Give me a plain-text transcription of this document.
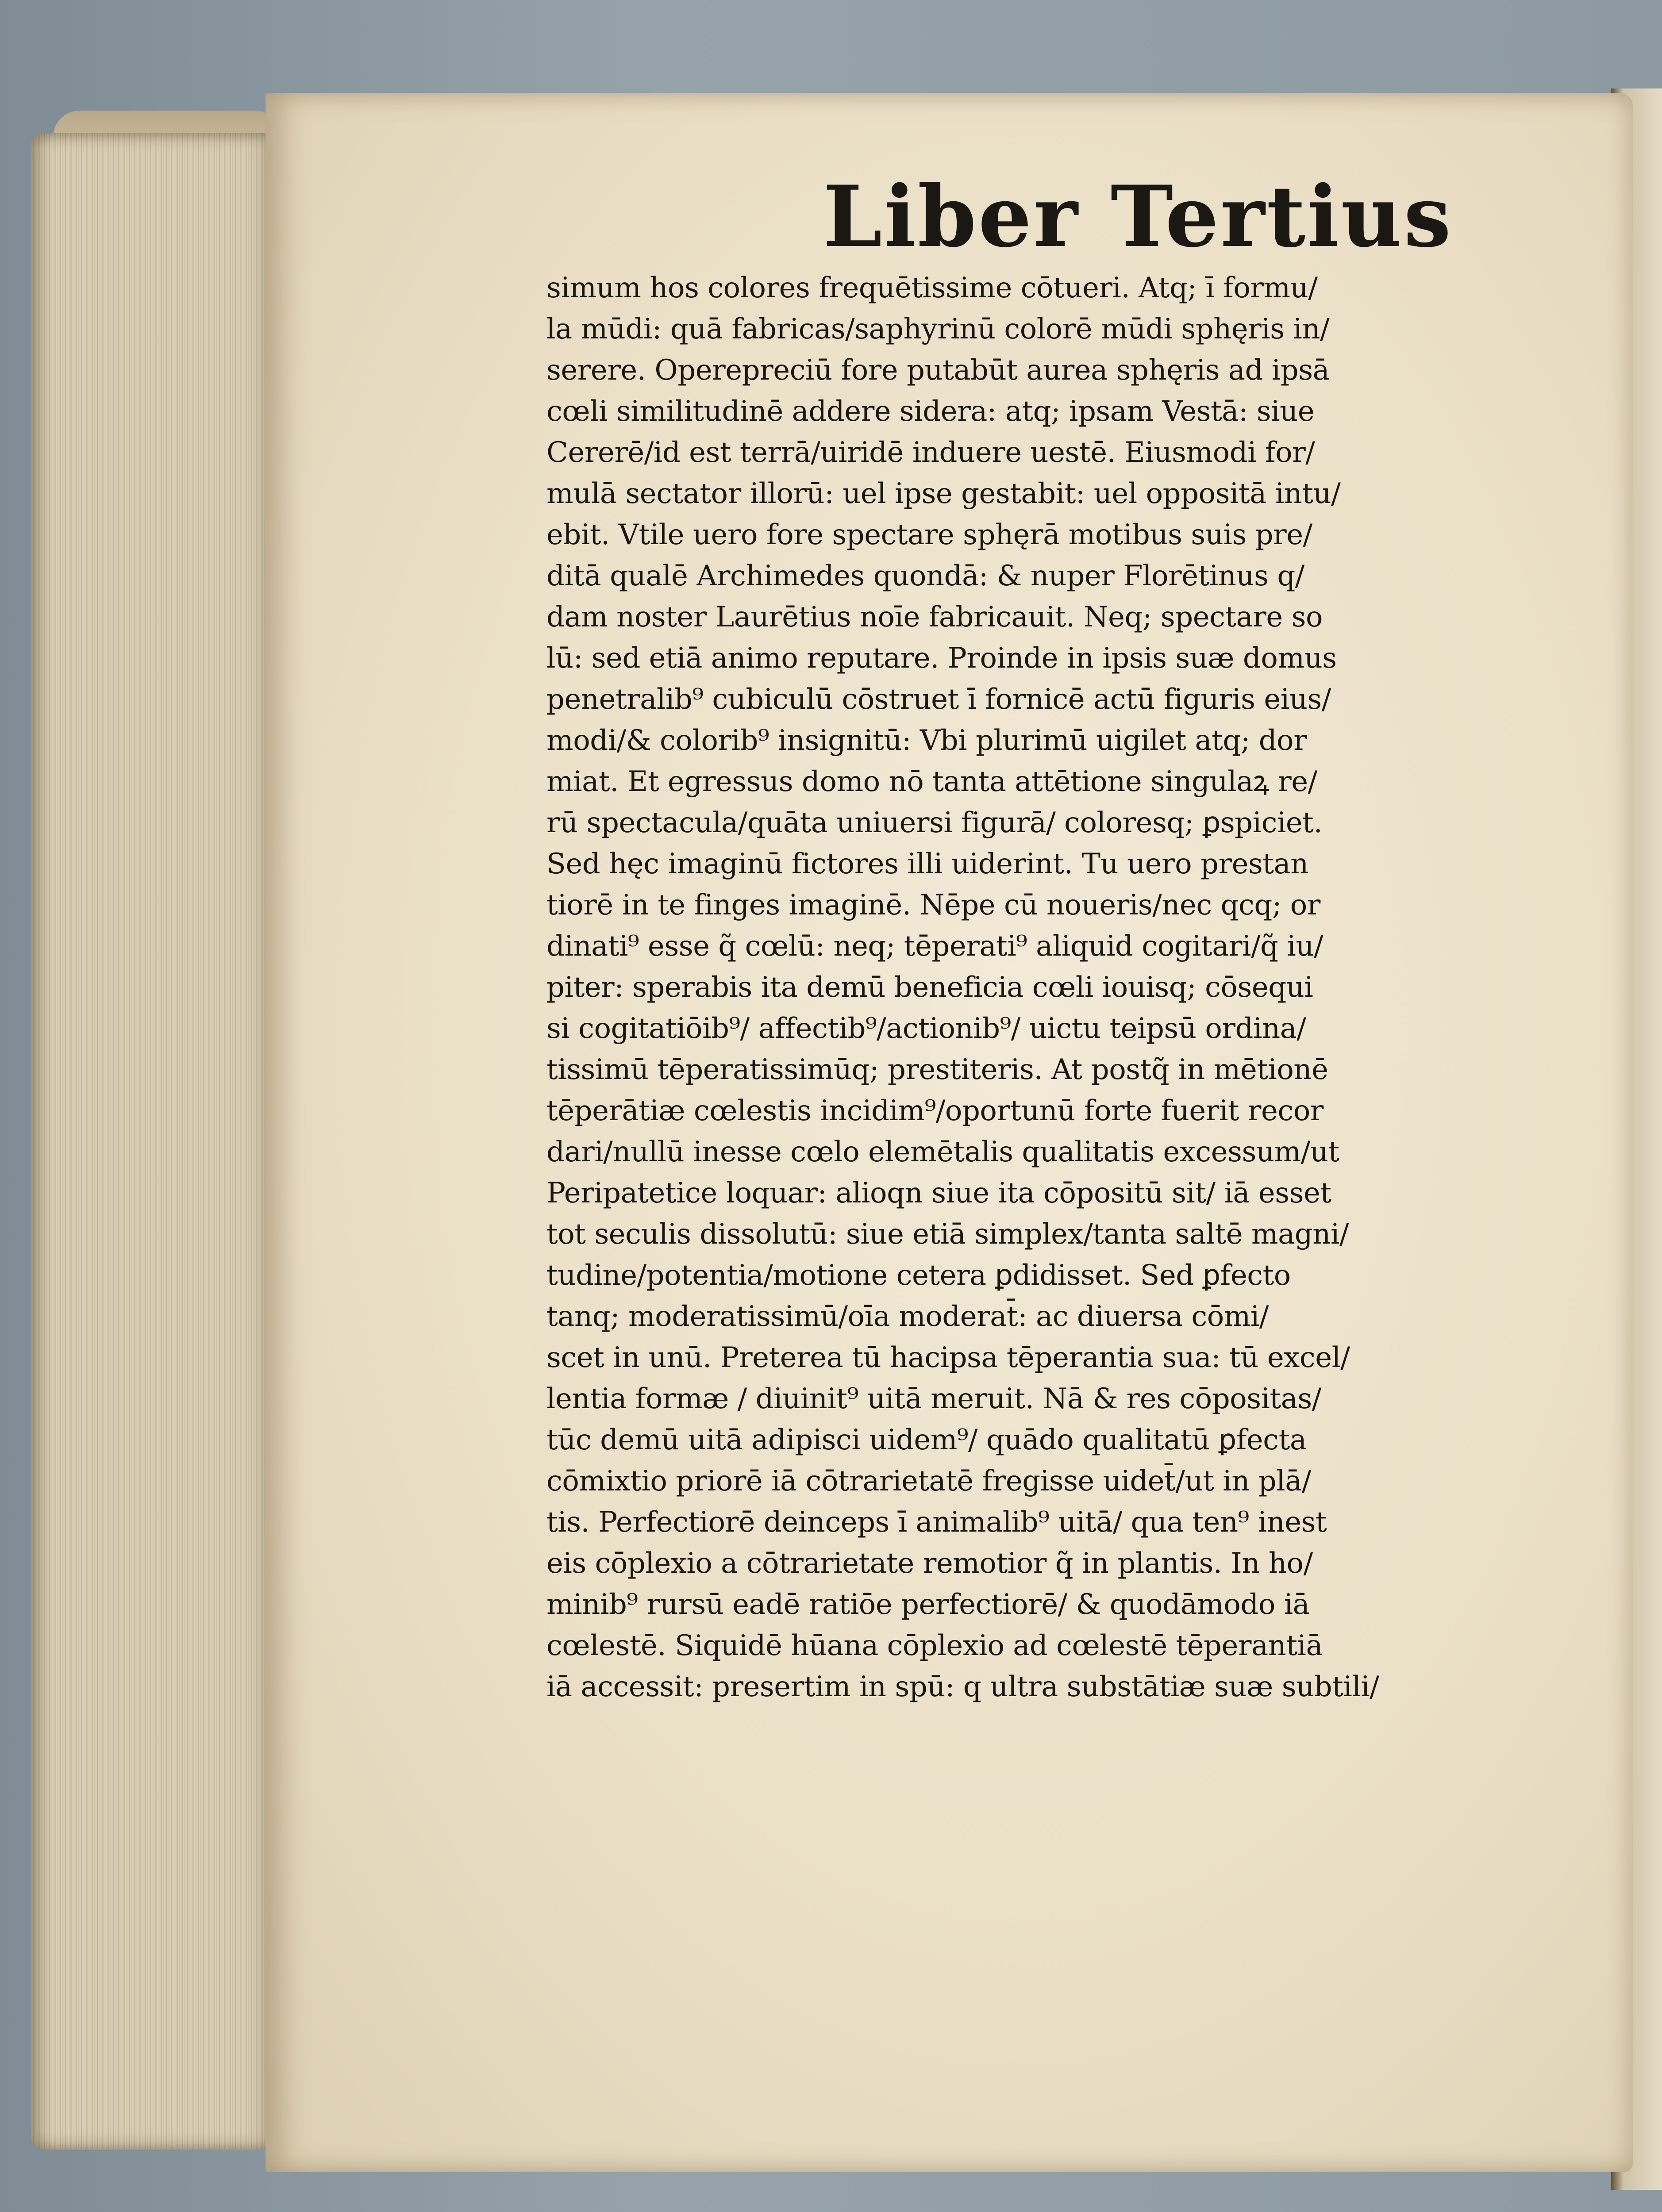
Liber Tertius
simum hos colores frequētissime cōtueri. Atq; ī formu/
la mūdi: quā fabricas/saphyrinū colorē mūdi sphęris in/
serere. Operepreciū fore putabūt aurea sphęris ad ipsā
cœli similitudinē addere sidera: atq; ipsam Vestā: siue
Cererē/id est terrā/uiridē induere uestē. Eiusmodi for/
mulā sectator illorū: uel ipse gestabit: uel oppositā intu/
ebit. Vtile uero fore spectare sphęrā motibus suis pre/
ditā qualē Archimedes quondā: & nuper Florētinus q/
dam noster Laurētius noīe fabricauit. Neq; spectare so
lū: sed etiā animo reputare. Proinde in ipsis suæ domus
penetralib⁹ cubiculū cōstruet ī fornicē actū figuris eius/
modi/& colorib⁹ insignitū: Vbi plurimū uigilet atq; dor
miat. Et egressus domo nō tanta attētione singulaꝝ re/
rū spectacula/quāta uniuersi figurā/ coloresq; ꝑspiciet.
Sed hęc imaginū fictores illi uiderint. Tu uero prestan
tiorē in te finges imaginē. Nēpe cū noueris/nec qcq; or
dinati⁹ esse q̃ cœlū: neq; tēperati⁹ aliquid cogitari/q̃ iu/
piter: sperabis ita demū beneficia cœli iouisq; cōsequi
si cogitatiōib⁹/ affectib⁹/actionib⁹/ uictu teipsū ordina/
tissimū tēperatissimūq; prestiteris. At postq̃ in mētionē
tēperātiæ cœlestis incidim⁹/oportunū forte fuerit recor
dari/nullū inesse cœlo elemētalis qualitatis excessum/ut
Peripatetice loquar: alioqn siue ita cōpositū sit/ iā esset
tot seculis dissolutū: siue etiā simplex/tanta saltē magni/
tudine/potentia/motione cetera ꝑdidisset. Sed ꝑfecto
tanq; moderatissimū/oīa moderat̄: ac diuersa cōmi/
scet in unū. Preterea tū hacipsa tēperantia sua: tū excel/
lentia formæ / diuinit⁹ uitā meruit. Nā & res cōpositas/
tūc demū uitā adipisci uidem⁹/ quādo qualitatū ꝑfecta
cōmixtio priorē iā cōtrarietatē fregisse uidet̄/ut in plā/
tis. Perfectiorē deinceps ī animalib⁹ uitā/ qua ten⁹ inest
eis cōplexio a cōtrarietate remotior q̃ in plantis. In ho/
minib⁹ rursū eadē ratiōe perfectiorē/ & quodāmodo iā
cœlestē. Siquidē hūana cōplexio ad cœlestē tēperantiā
iā accessit: presertim in spū: q ultra substātiæ suæ subtili/
